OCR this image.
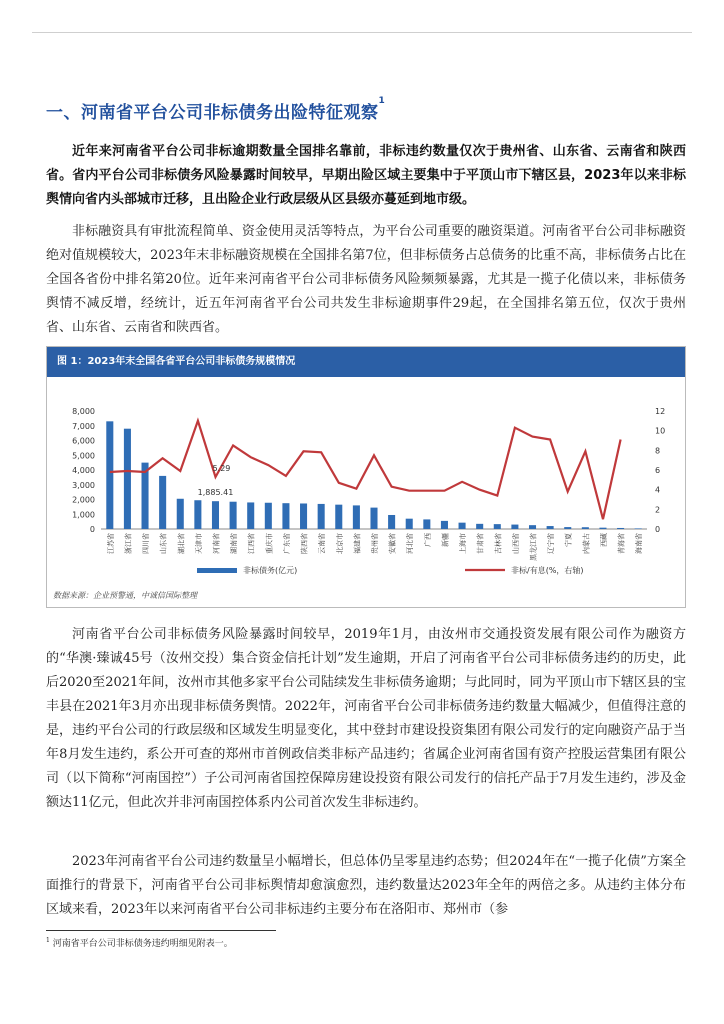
一、河南省平台公司非标债务出险特征观察$^1$

近年来河南省平台公司非标逾期数量全国排名靠前，非标违约数量仅次于贵州省、山东省、云南省和陕西省。省内平台公司非标债务风险暴露时间较早，早期出险区域主要集中于平顶山市下辖区县，2023年以来非标舆情向省内头部城市迁移，且出险企业行政层级从区县级亦蔓延到地市级。

非标融资具有审批流程简单、资金使用灵活等特点，为平台公司重要的融资渠道。河南省平台公司非标融资绝对值规模较大，2023年末非标融资规模在全国排名第7位，但非标债务占总债务的比重不高，非标债务占比在全国各省份中排名第20位。近年来河南省平台公司非标债务风险频频暴露，尤其是一揽子化债以来，非标债务舆情不减反增，经统计，近五年河南省平台公司共发生非标逾期事件29起，在全国排名第五位，仅次于贵州省、山东省、云南省和陕西省。

图 1：2023年末全国各省平台公司非标债务规模情况
0
1,000
2,000
3,000
4,000
5,000
6,000
7,000
8,000
0
2
4
6
8
10
12
江苏省 浙江省 四川省 山东省 湖北省 天津市 河南省 湖南省 江西省 重庆市 广东省 陕西省 云南省 北京市 福建省 贵州省 安徽省 河北省 广西 新疆 上海市 甘肃省 吉林省 山西省 黑龙江省 辽宁省 宁夏 内蒙古 西藏 青海省 海南省
1,885.41
5.29
非标债务(亿元)	非标/有息(%，右轴)
数据来源：企业预警通，中诚信国际整理

河南省平台公司非标债务风险暴露时间较早，2019年1月，由汝州市交通投资发展有限公司作为融资方的“华澳·臻诚45号（汝州交投）集合资金信托计划”发生逾期，开启了河南省平台公司非标债务违约的历史，此后2020至2021年间，汝州市其他多家平台公司陆续发生非标债务逾期；与此同时，同为平顶山市下辖区县的宝丰县在2021年3月亦出现非标债务舆情。2022年，河南省平台公司非标债务违约数量大幅减少，但值得注意的是，违约平台公司的行政层级和区域发生明显变化，其中登封市建设投资集团有限公司发行的定向融资产品于当年8月发生违约，系公开可查的郑州市首例政信类非标产品违约；省属企业河南省国有资产控股运营集团有限公司（以下简称“河南国控”）子公司河南省国控保障房建设投资有限公司发行的信托产品于7月发生违约，涉及金额达11亿元，但此次并非河南国控体系内公司首次发生非标违约。

2023年河南省平台公司违约数量呈小幅增长，但总体仍呈零星违约态势；但2024年在“一揽子化债”方案全面推行的背景下，河南省平台公司非标舆情却愈演愈烈，违约数量达2023年全年的两倍之多。从违约主体分布区域来看，2023年以来河南省平台公司非标违约主要分布在洛阳市、郑州市（参

$^1$ 河南省平台公司非标债务违约明细见附表一。
